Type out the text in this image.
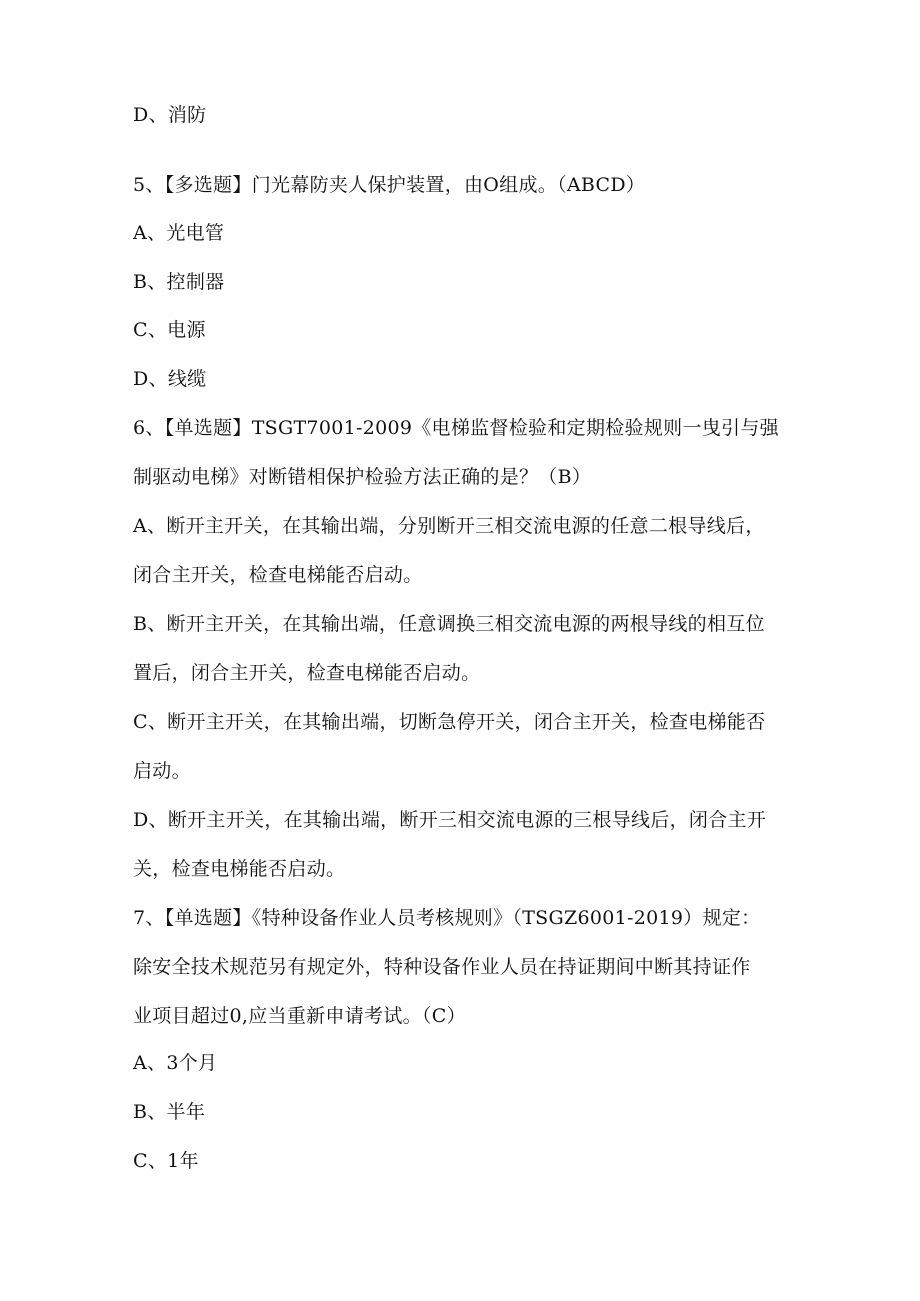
D、消防
5、【多选题】门光幕防夹人保护装置，由O组成。（ABCD）
A、光电管
B、控制器
C、电源
D、线缆
6、【单选题】TSGT7001-2009《电梯监督检验和定期检验规则一曳引与强
制驱动电梯》对断错相保护检验方法正确的是？（B）
A、断开主开关，在其输出端，分别断开三相交流电源的任意二根导线后，
闭合主开关，检查电梯能否启动。
B、断开主开关，在其输出端，任意调换三相交流电源的两根导线的相互位
置后，闭合主开关，检查电梯能否启动。
C、断开主开关，在其输出端，切断急停开关，闭合主开关，检查电梯能否
启动。
D、断开主开关，在其输出端，断开三相交流电源的三根导线后，闭合主开
关，检查电梯能否启动。
7、【单选题】《特种设备作业人员考核规则》（TSGZ6001-2019）规定：
除安全技术规范另有规定外，特种设备作业人员在持证期间中断其持证作
业项目超过0,应当重新申请考试。（C）
A、3个月
B、半年
C、1年
